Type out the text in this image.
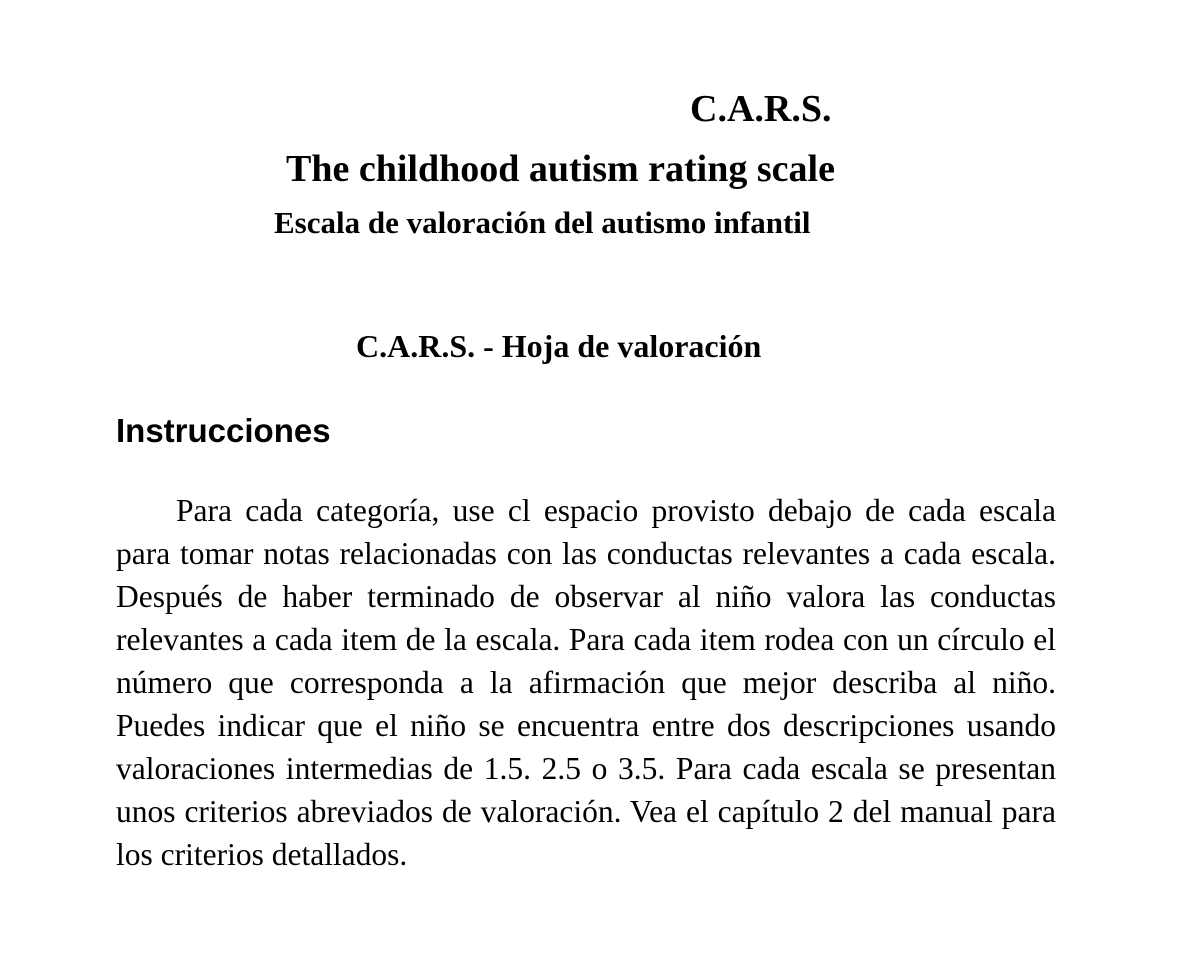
C.A.R.S.
The childhood autism rating scale
Escala de valoración del autismo infantil
C.A.R.S. - Hoja de valoración
Instrucciones

Para cada categoría, use cl espacio provisto debajo de cada escala para tomar notas relacionadas con las conductas relevantes a cada escala. Después de haber terminado de observar al niño valora las conductas relevantes a cada item de la escala. Para cada item rodea con un círculo el número que corresponda a la afirmación que mejor describa al niño. Puedes indicar que el niño se encuentra entre dos descripciones usando valoraciones intermedias de 1.5. 2.5 o 3.5. Para cada escala se presentan unos criterios abreviados de valoración. Vea el capítulo 2 del manual para los criterios detallados.
